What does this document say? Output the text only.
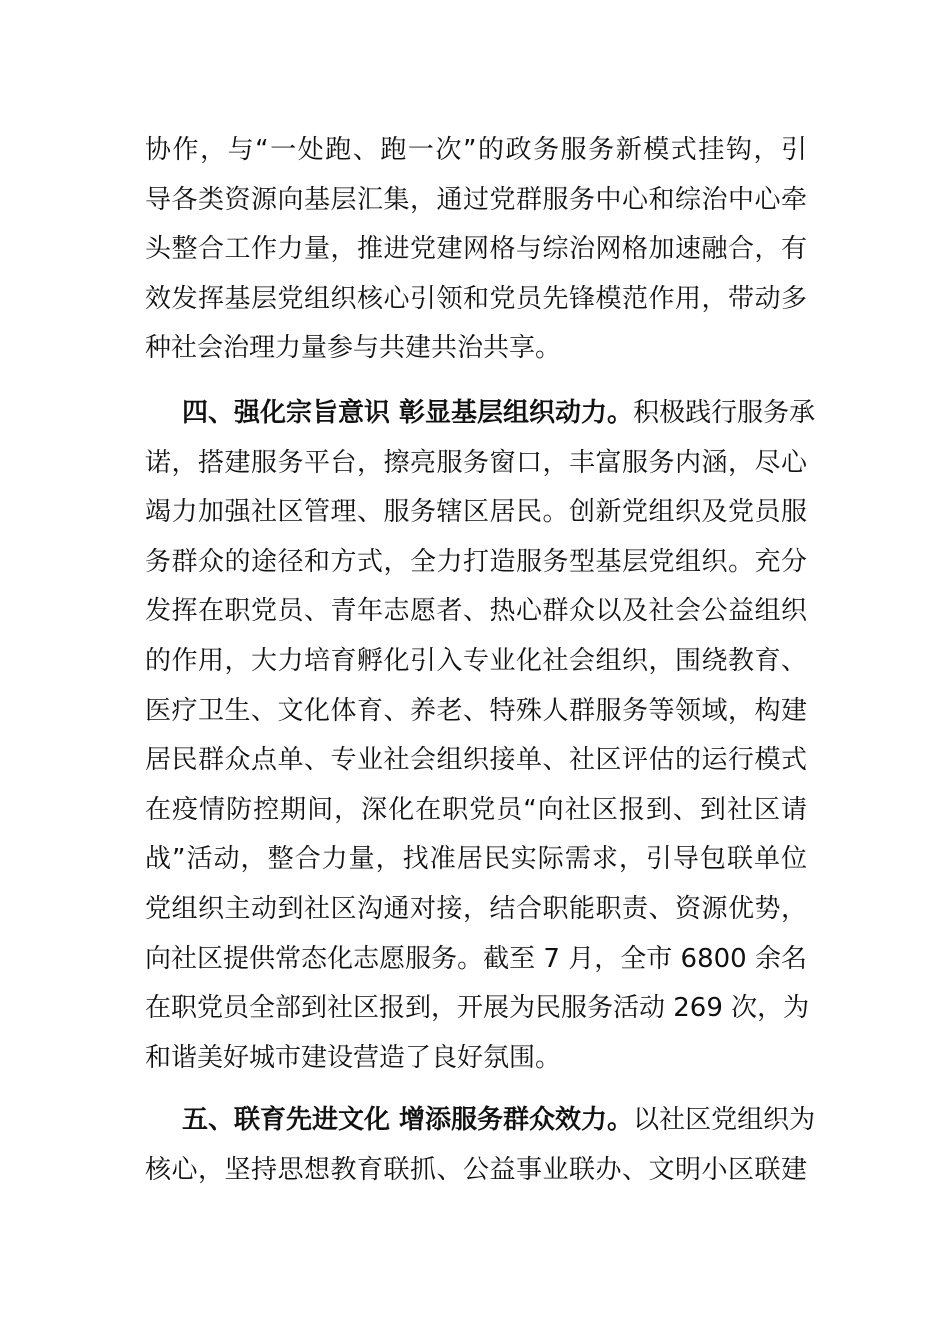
协作，与“一处跑、跑一次”的政务服务新模式挂钩，引
导各类资源向基层汇集，通过党群服务中心和综治中心牵
头整合工作力量，推进党建网格与综治网格加速融合，有
效发挥基层党组织核心引领和党员先锋模范作用，带动多
种社会治理力量参与共建共治共享。
四、强化宗旨意识 彰显基层组织动力。积极践行服务承
诺，搭建服务平台，擦亮服务窗口，丰富服务内涵，尽心
竭力加强社区管理、服务辖区居民。创新党组织及党员服
务群众的途径和方式，全力打造服务型基层党组织。充分
发挥在职党员、青年志愿者、热心群众以及社会公益组织
的作用，大力培育孵化引入专业化社会组织，围绕教育、
医疗卫生、文化体育、养老、特殊人群服务等领域，构建
居民群众点单、专业社会组织接单、社区评估的运行模式
在疫情防控期间，深化在职党员“向社区报到、到社区请
战”活动，整合力量，找准居民实际需求，引导包联单位
党组织主动到社区沟通对接，结合职能职责、资源优势，
向社区提供常态化志愿服务。截至 7 月，全市 6800 余名
在职党员全部到社区报到，开展为民服务活动 269 次，为
和谐美好城市建设营造了良好氛围。
五、联育先进文化 增添服务群众效力。以社区党组织为
核心，坚持思想教育联抓、公益事业联办、文明小区联建
